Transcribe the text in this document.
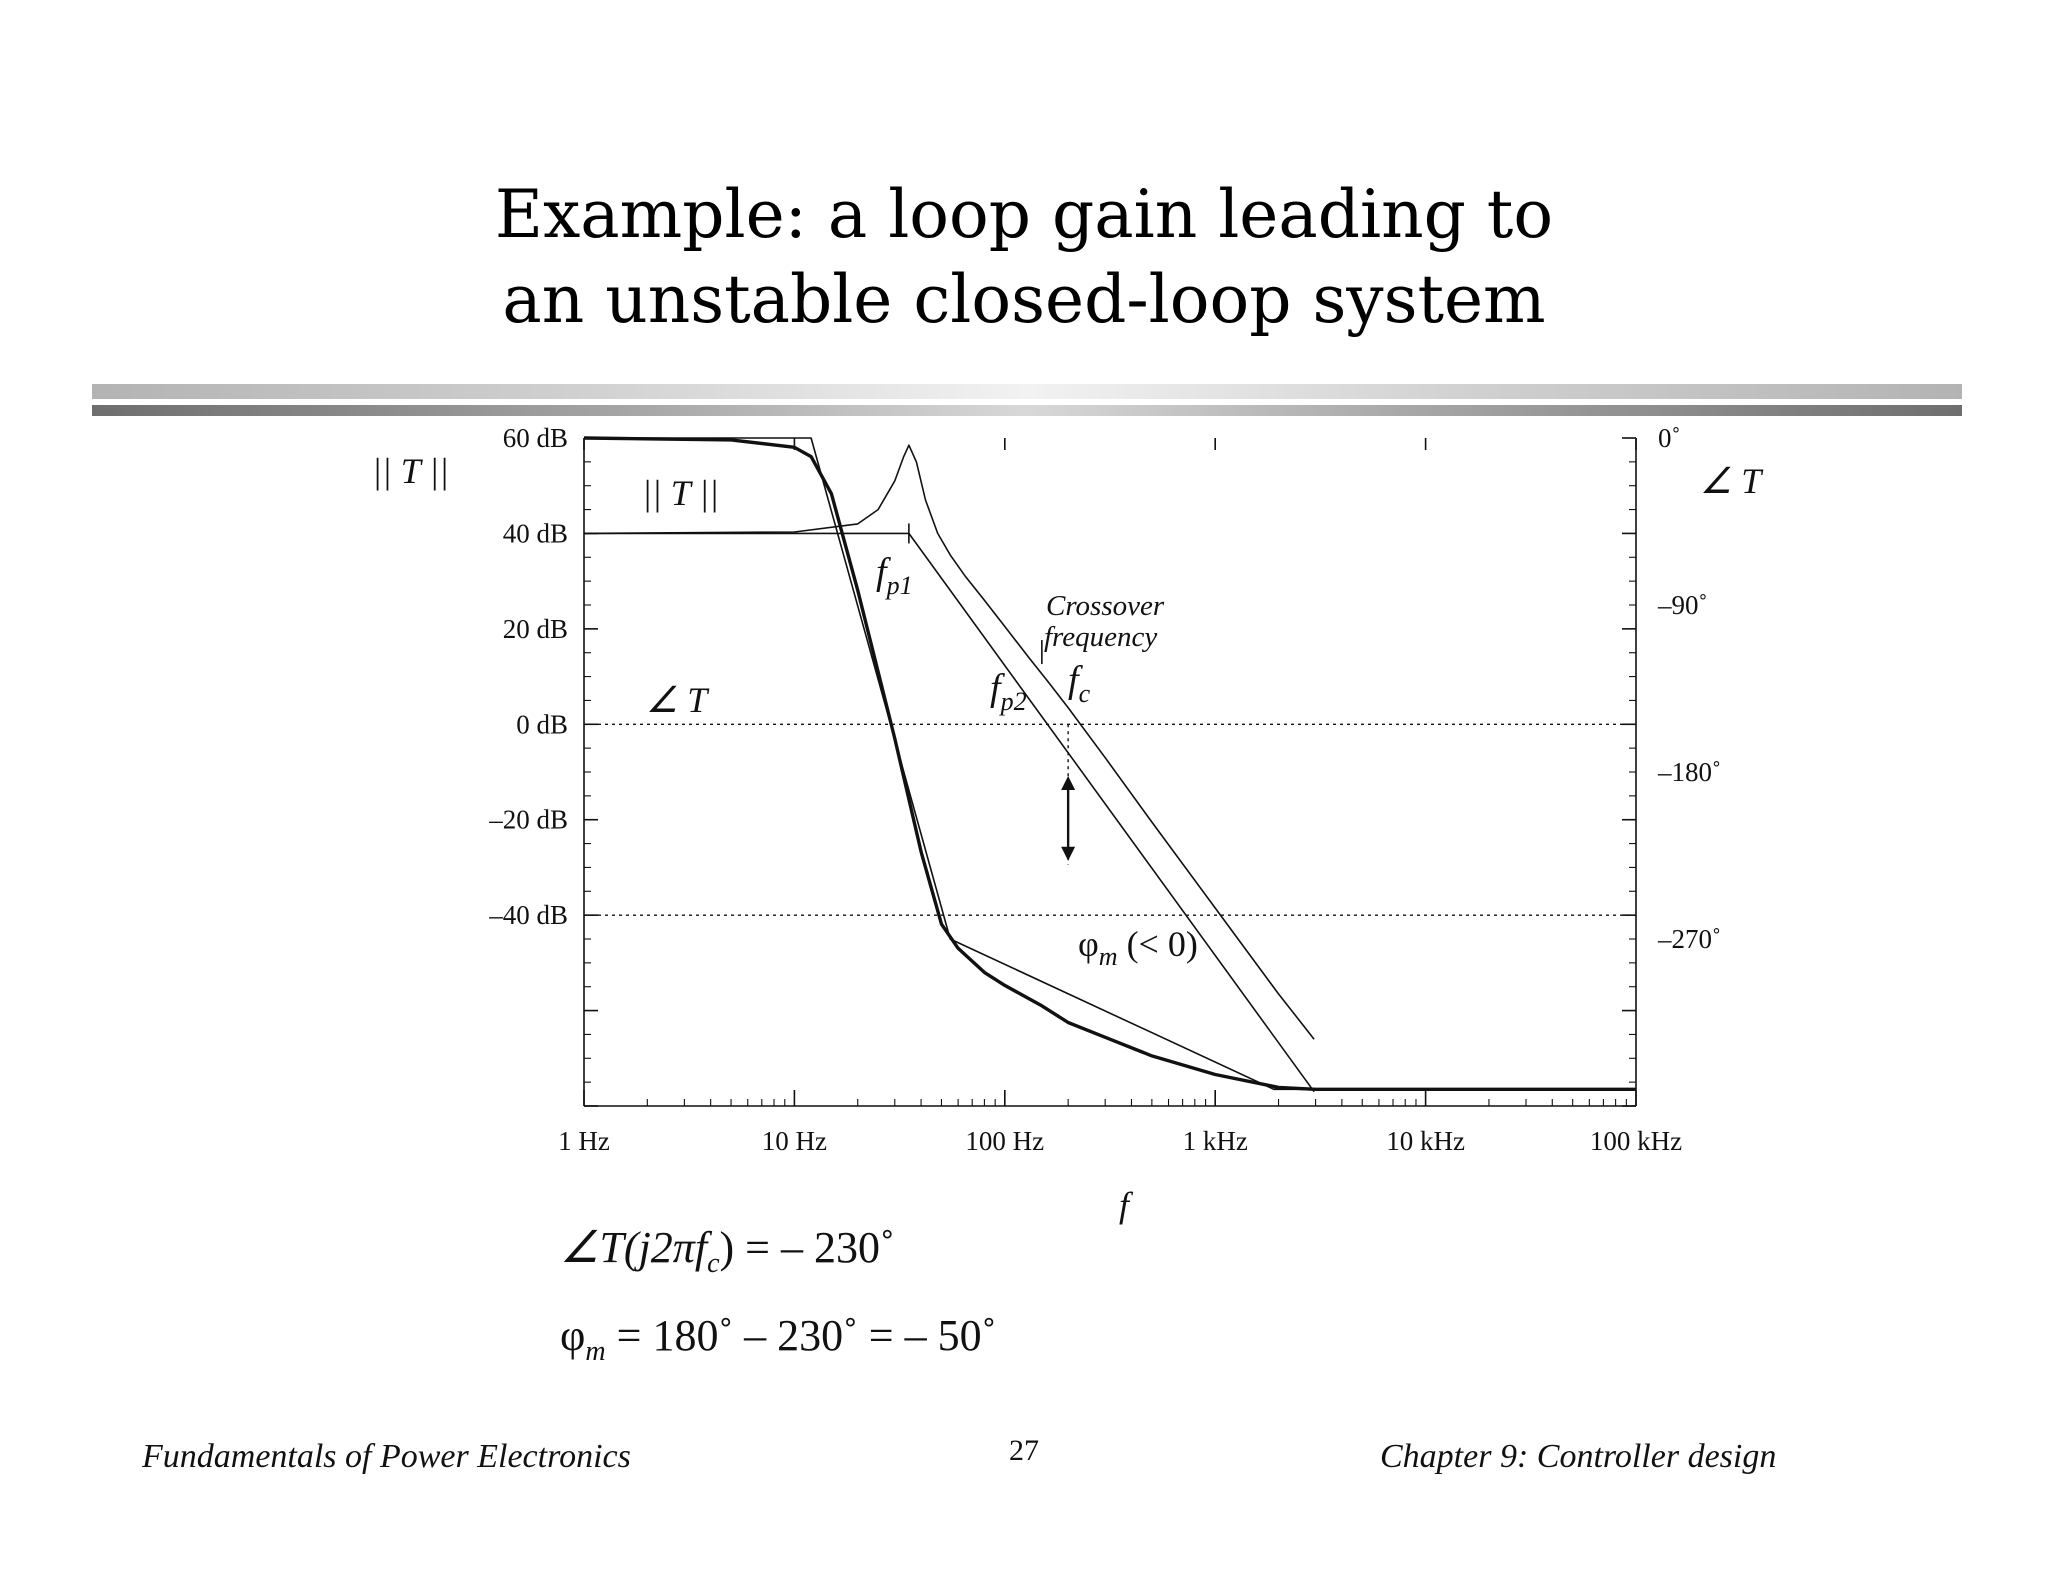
Example: a loop gain leading to
an unstable closed-loop system
60 dB
40 dB
20 dB
0 dB
–20 dB
–40 dB
0˚
–90˚
–180˚
–270˚
1 Hz	10 Hz	100 Hz	1 kHz	10 kHz	100 kHz
|| T ||	∠ T
f
|| T ||
∠ T
$f_{p1}$
$f_{p2}$
$f_c$
Crossover
frequency
$\varphi_m$ (< 0)
$\angle T(j2\pi f_c)$ = – 230˚
$\varphi_m$ = 180˚ – 230˚ = – 50˚
Fundamentals of Power Electronics	27	Chapter 9: Controller design
